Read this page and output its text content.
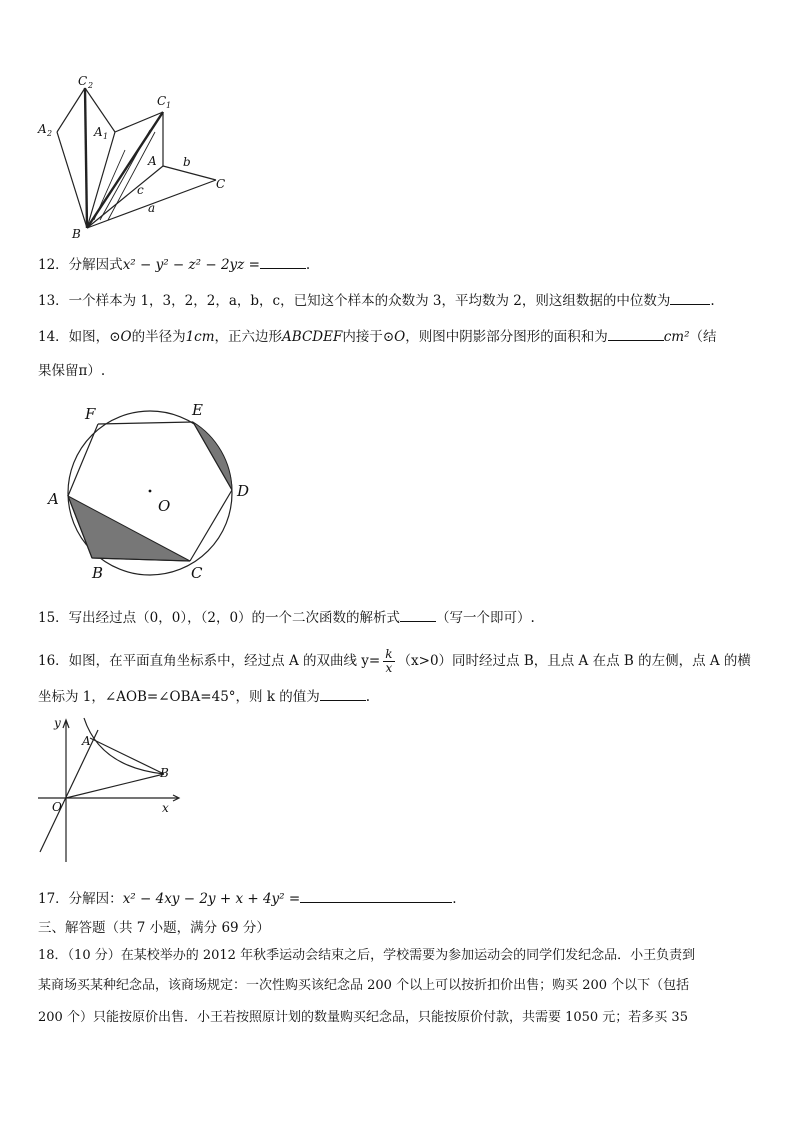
C 2
C 1
A 2	A 1
A b
C
c
a
B
12．分解因式x² − y² − z² − 2yz =	.
13．一个样本为 1，3，2，2，a，b，c，已知这个样本的众数为 3，平均数为 2，则这组数据的中位数为	.
14．如图，⊙O的半径为1cm，正六边形ABCDEF内接于⊙O，则图中阴影部分图形的面积和为	cm²（结
果保留π）.
F	E
D
A	O
B	C
15．写出经过点（0，0），（2，0）的一个二次函数的解析式	（写一个即可）.
16．如图，在平面直角坐标系中，经过点 A 的双曲线 $y= \frac{k}{x} (x>0)$同时经过点 B，且点 A 在点 B 的左侧，点 A 的横
坐标为 1，∠AOB=∠OBA=45°，则 k 的值为	.
y
A
B
O	x
17．分解因：x² − 4xy − 2y + x + 4y² =	.
三、解答题（共 7 小题，满分 69 分）
18．（10 分）在某校举办的 2012 年秋季运动会结束之后，学校需要为参加运动会的同学们发纪念品．小王负责到
某商场买某种纪念品，该商场规定：一次性购买该纪念品 200 个以上可以按折扣价出售；购买 200 个以下（包括
200 个）只能按原价出售．小王若按照原计划的数量购买纪念品，只能按原价付款，共需要 1050 元；若多买 35
